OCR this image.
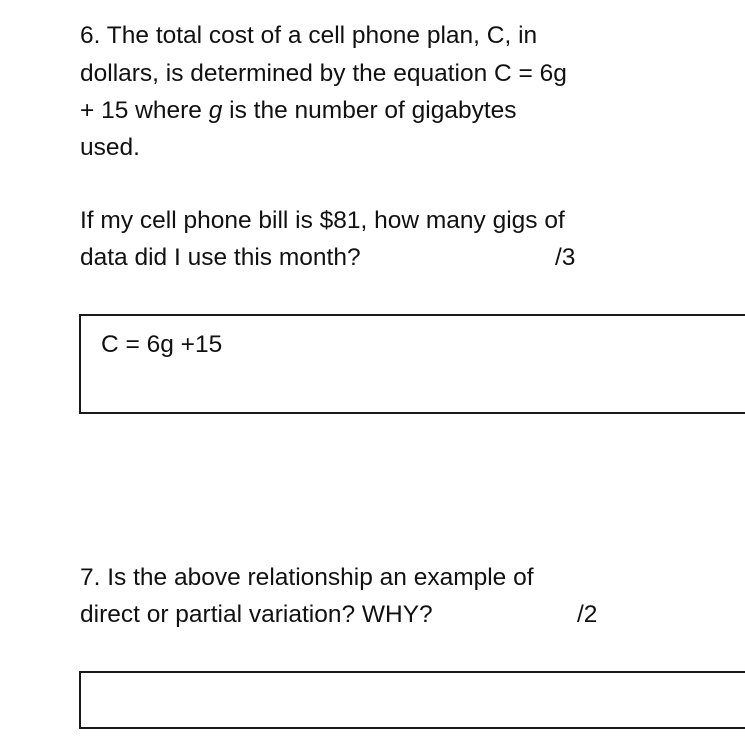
6. The total cost of a cell phone plan, C, in
dollars, is determined by the equation C = 6g
+ 15 where g is the number of gigabytes
used.
If my cell phone bill is $81, how many gigs of
data did I use this month?	/3
C = 6g +15
7. Is the above relationship an example of
direct or partial variation? WHY?	/2
